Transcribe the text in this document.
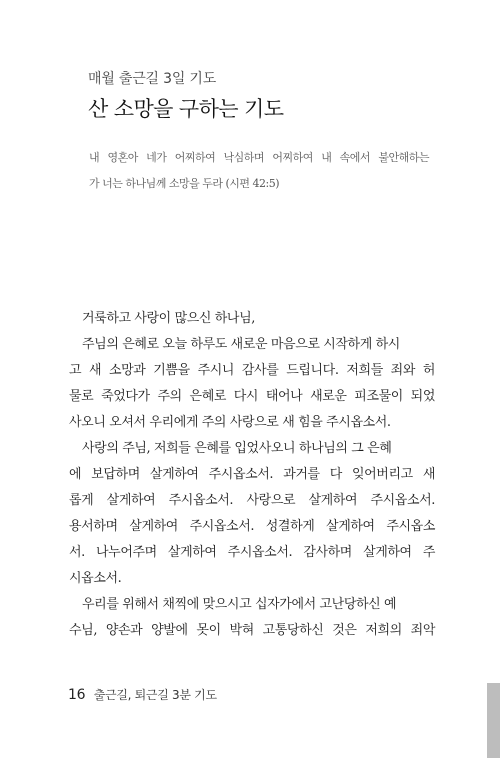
매월 출근길 3일 기도
산 소망을 구하는 기도
내 영혼아 네가 어찌하여 낙심하며 어찌하여 내 속에서 불안해하는
가 너는 하나님께 소망을 두라 (시편 42:5)
거룩하고 사랑이 많으신 하나님,
주님의 은혜로 오늘 하루도 새로운 마음으로 시작하게 하시
고 새 소망과 기쁨을 주시니 감사를 드립니다. 저희들 죄와 허
물로 죽었다가 주의 은혜로 다시 태어나 새로운 피조물이 되었
사오니 오셔서 우리에게 주의 사랑으로 새 힘을 주시옵소서.
사랑의 주님, 저희들 은혜를 입었사오니 하나님의 그 은혜
에 보답하며 살게하여 주시옵소서. 과거를 다 잊어버리고 새
롭게 살게하여 주시옵소서. 사랑으로 살게하여 주시옵소서.
용서하며 살게하여 주시옵소서. 성결하게 살게하여 주시옵소
서. 나누어주며 살게하여 주시옵소서. 감사하며 살게하여 주
시옵소서.
우리를 위해서 채찍에 맞으시고 십자가에서 고난당하신 예
수님, 양손과 양발에 못이 박혀 고통당하신 것은 저희의 죄악
16 출근길, 퇴근길 3분 기도
